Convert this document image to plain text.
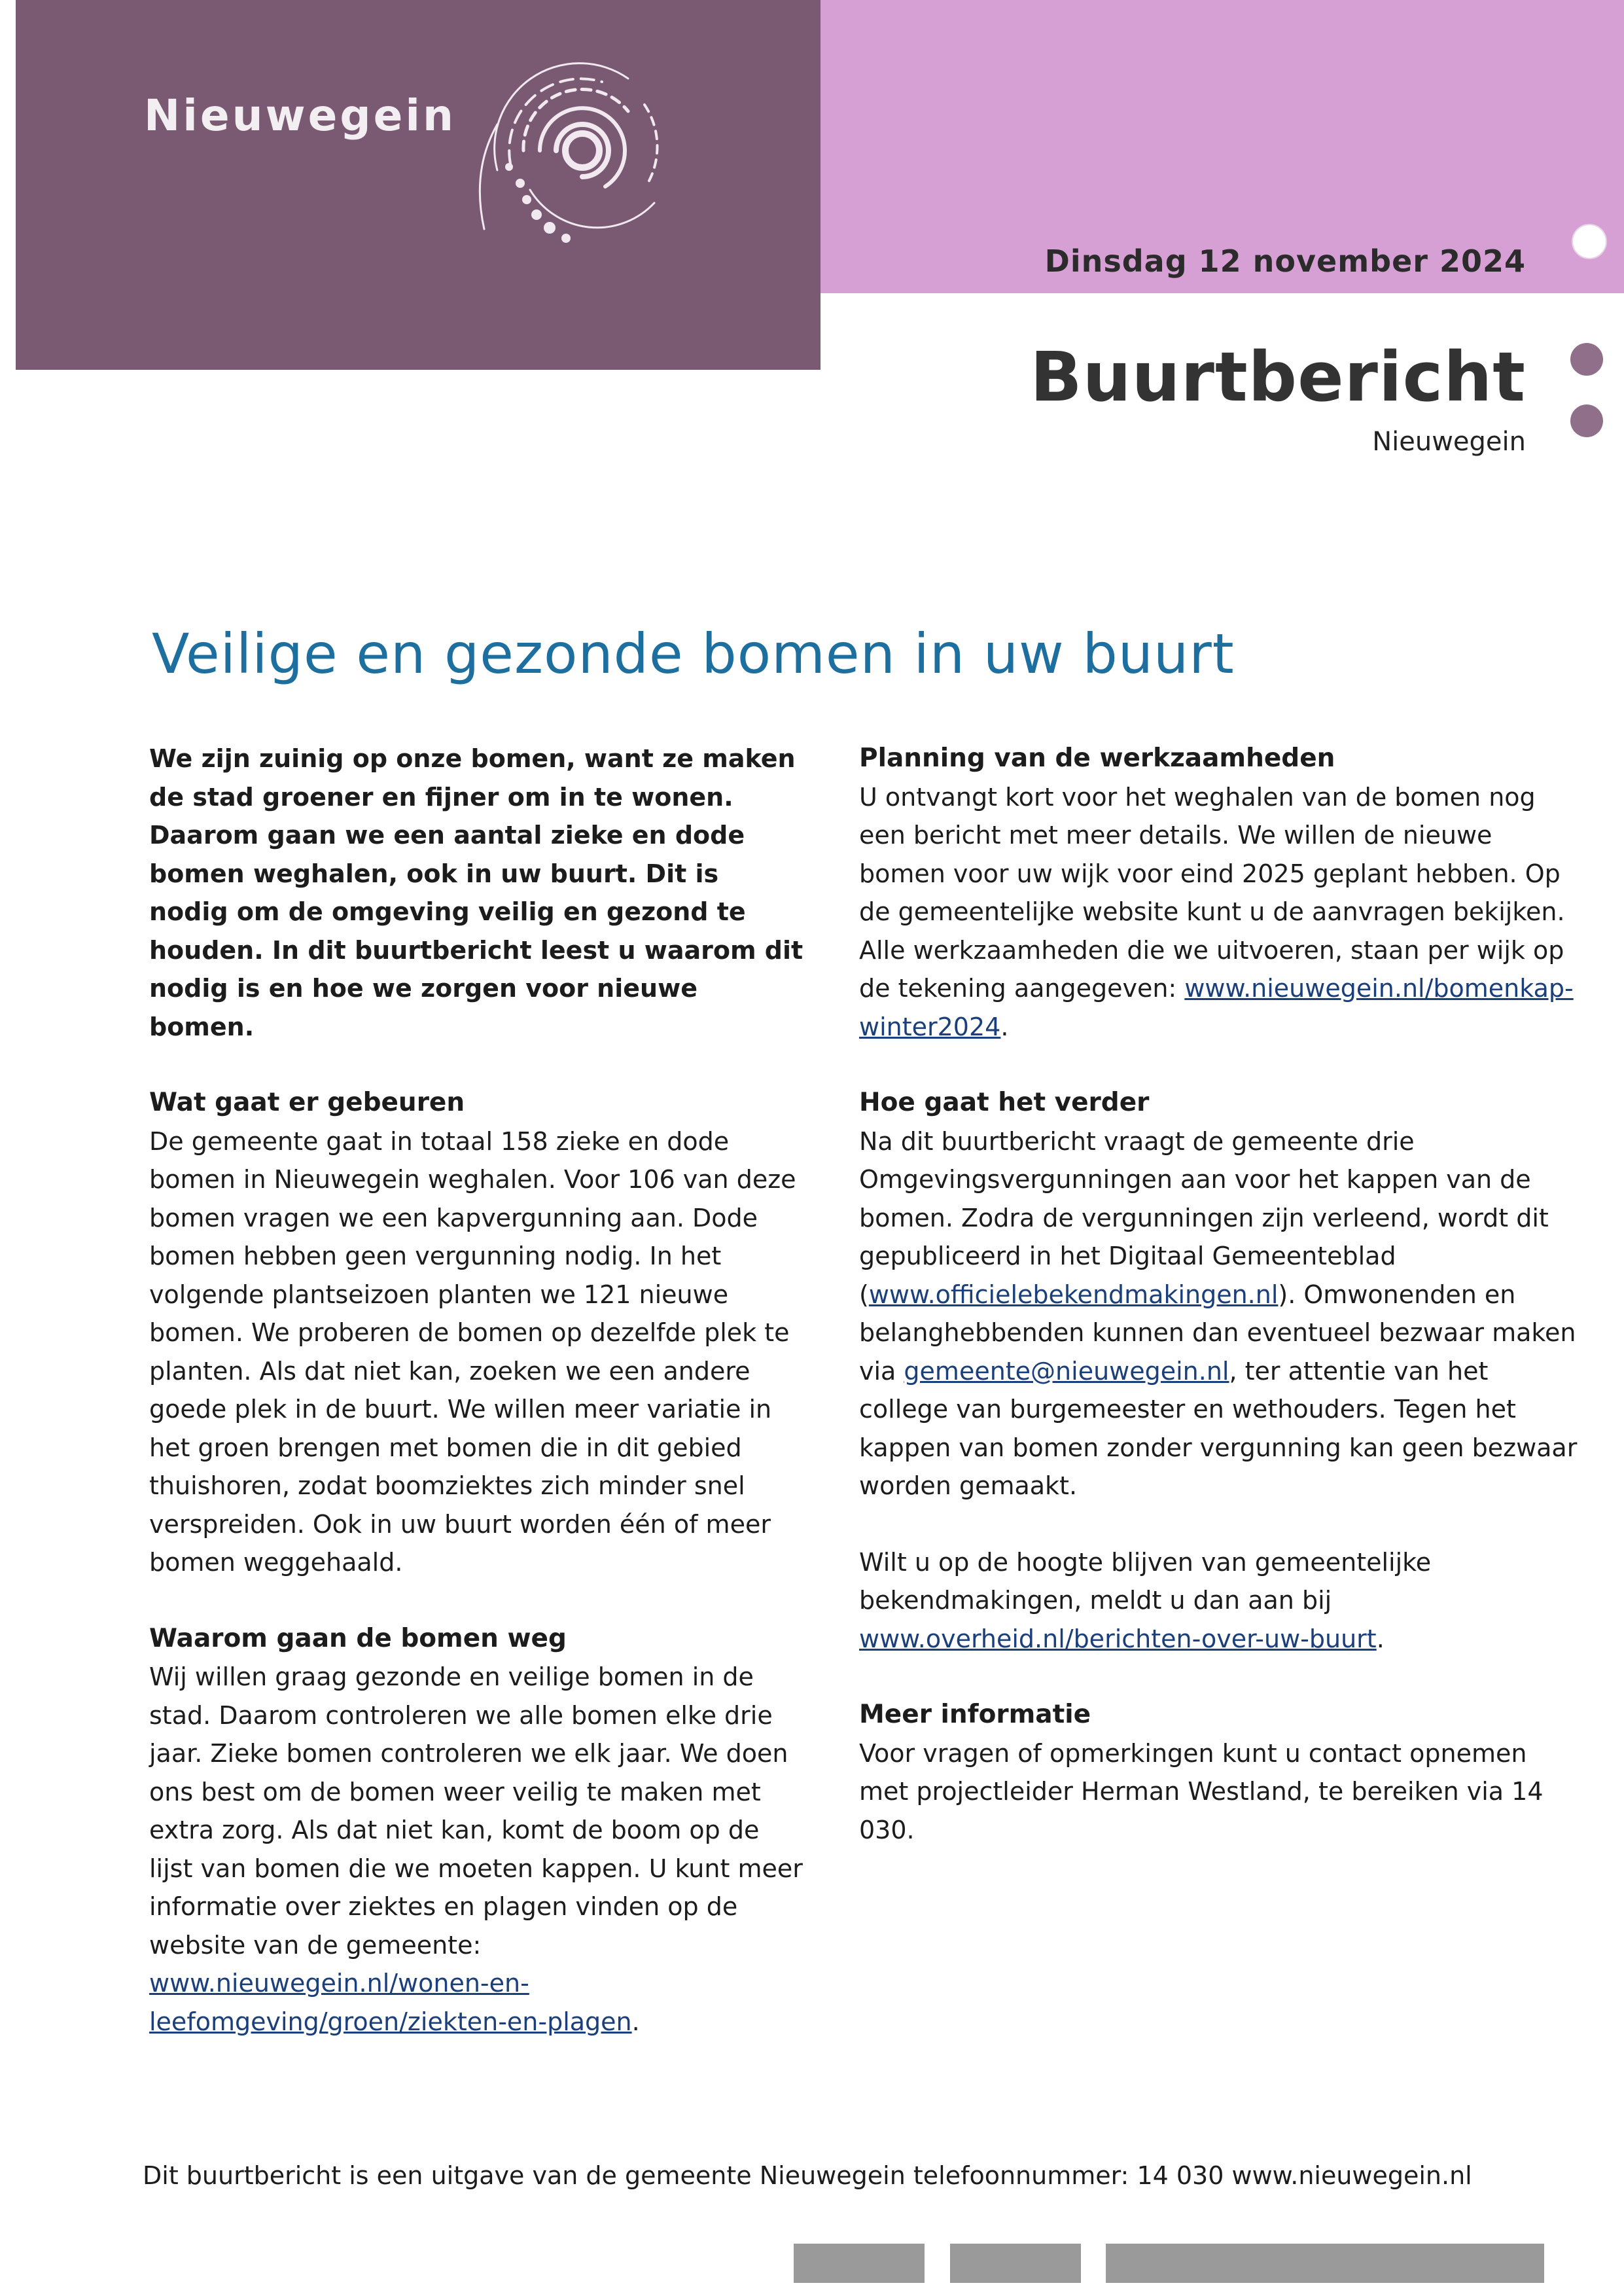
Nieuwegein
Dinsdag 12 november 2024
Buurtbericht
Nieuwegein
Veilige en gezonde bomen in uw buurt

We zijn zuinig op onze bomen, want ze maken de stad groener en fijner om in te wonen. Daarom gaan we een aantal zieke en dode bomen weghalen, ook in uw buurt. Dit is nodig om de omgeving veilig en gezond te houden. In dit buurtbericht leest u waarom dit nodig is en hoe we zorgen voor nieuwe bomen.

Wat gaat er gebeuren

De gemeente gaat in totaal 158 zieke en dode bomen in Nieuwegein weghalen. Voor 106 van deze bomen vragen we een kapvergunning aan. Dode bomen hebben geen vergunning nodig. In het volgende plantseizoen planten we 121 nieuwe bomen. We proberen de bomen op dezelfde plek te planten. Als dat niet kan, zoeken we een andere goede plek in de buurt. We willen meer variatie in het groen brengen met bomen die in dit gebied thuishoren, zodat boomziektes zich minder snel verspreiden. Ook in uw buurt worden één of meer bomen weggehaald.

Waarom gaan de bomen weg

Wij willen graag gezonde en veilige bomen in de stad. Daarom controleren we alle bomen elke drie jaar. Zieke bomen controleren we elk jaar. We doen ons best om de bomen weer veilig te maken met extra zorg. Als dat niet kan, komt de boom op de lijst van bomen die we moeten kappen. U kunt meer informatie over ziektes en plagen vinden op de website van de gemeente: www.nieuwegein.nl/wonen-en-leefomgeving/groen/ziekten-en-plagen.

Planning van de werkzaamheden

U ontvangt kort voor het weghalen van de bomen nog een bericht met meer details. We willen de nieuwe bomen voor uw wijk voor eind 2025 geplant hebben. Op de gemeentelijke website kunt u de aanvragen bekijken. Alle werkzaamheden die we uitvoeren, staan per wijk op de tekening aangegeven: www.nieuwegein.nl/bomenkap-winter2024.

Hoe gaat het verder

Na dit buurtbericht vraagt de gemeente drie Omgevingsvergunningen aan voor het kappen van de bomen. Zodra de vergunningen zijn verleend, wordt dit gepubliceerd in het Digitaal Gemeenteblad (www.officielebekendmakingen.nl). Omwonenden en belanghebbenden kunnen dan eventueel bezwaar maken via gemeente@nieuwegein.nl, ter attentie van het college van burgemeester en wethouders. Tegen het kappen van bomen zonder vergunning kan geen bezwaar worden gemaakt.

Wilt u op de hoogte blijven van gemeentelijke bekendmakingen, meldt u dan aan bij www.overheid.nl/berichten-over-uw-buurt.

Meer informatie

Voor vragen of opmerkingen kunt u contact opnemen met projectleider Herman Westland, te bereiken via 14 030.

Dit buurtbericht is een uitgave van de gemeente Nieuwegein telefoonnummer: 14 030 www.nieuwegein.nl
